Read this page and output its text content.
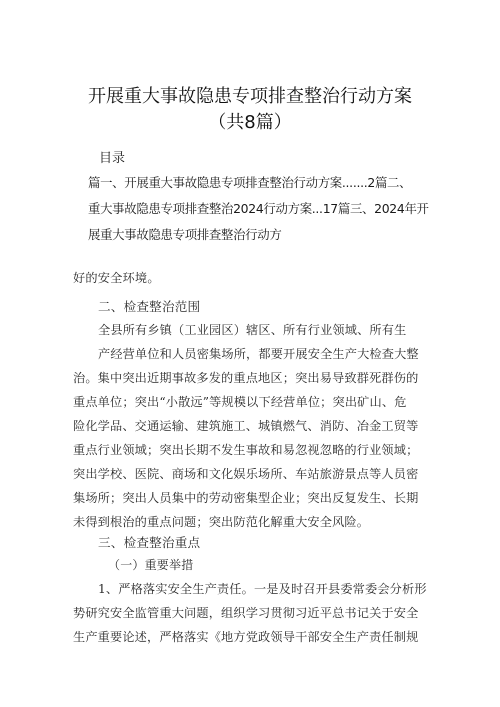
开展重大事故隐患专项排查整治行动方案
（共8篇）
目录
篇一、开展重大事故隐患专项排查整治行动方案.......2篇二、
重大事故隐患专项排查整治2024行动方案...17篇三、2024年开
展重大事故隐患专项排查整治行动方
好的安全环境。
二、检查整治范围
全县所有乡镇（工业园区）辖区、所有行业领域、所有生
产经营单位和人员密集场所，都要开展安全生产大检查大整
治。集中突出近期事故多发的重点地区；突出易导致群死群伤的
重点单位；突出“小散远”等规模以下经营单位；突出矿山、危
险化学品、交通运输、建筑施工、城镇燃气、消防、冶金工贸等
重点行业领域；突出长期不发生事故和易忽视忽略的行业领域；
突出学校、医院、商场和文化娱乐场所、车站旅游景点等人员密
集场所；突出人员集中的劳动密集型企业；突出反复发生、长期
未得到根治的重点问题；突出防范化解重大安全风险。
三、检查整治重点
（一）重要举措
1、严格落实安全生产责任。一是及时召开县委常委会分析形
势研究安全监管重大问题，组织学习贯彻习近平总书记关于安全
生产重要论述，严格落实《地方党政领导干部安全生产责任制规
